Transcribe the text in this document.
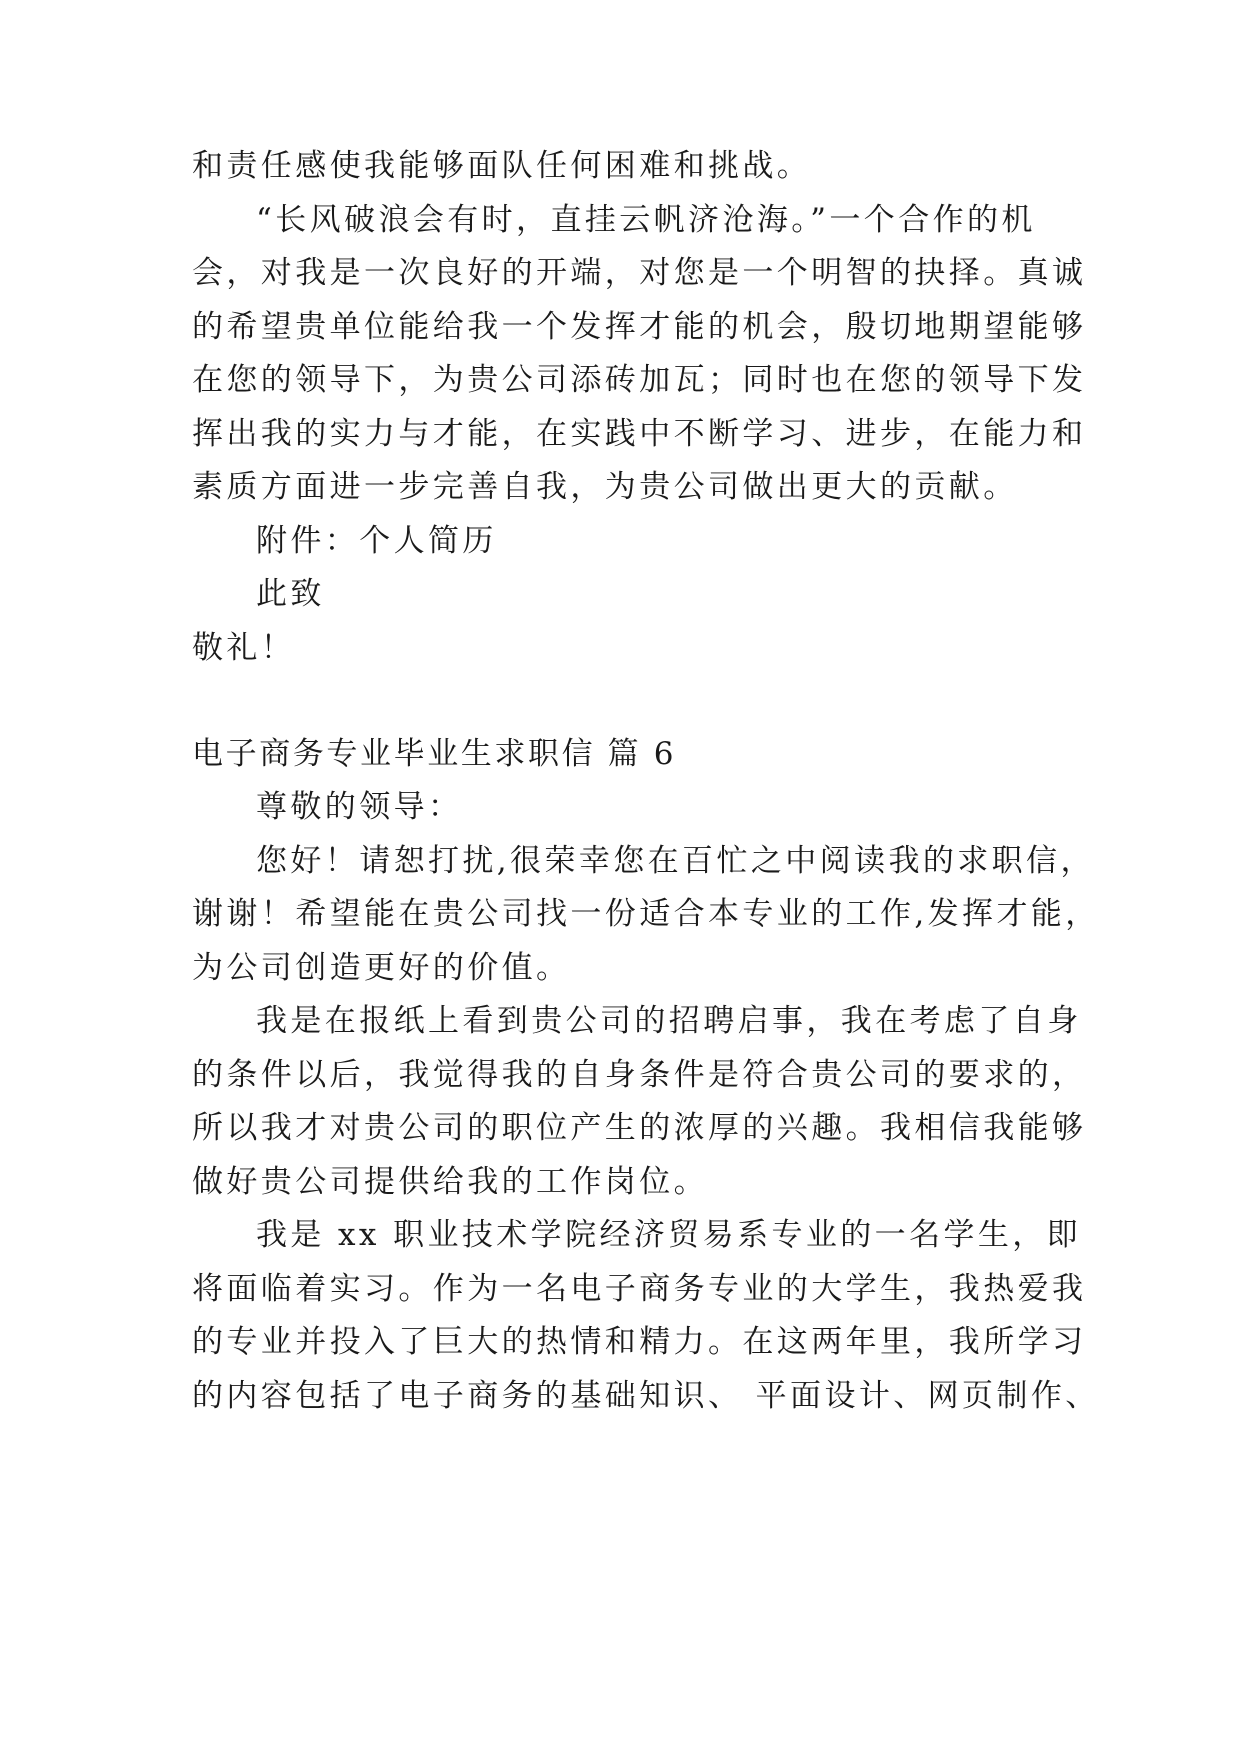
和责任感使我能够面队任何困难和挑战。
“长风破浪会有时，直挂云帆济沧海。”一个合作的机
会，对我是一次良好的开端，对您是一个明智的抉择。真诚
的希望贵单位能给我一个发挥才能的机会，殷切地期望能够
在您的领导下，为贵公司添砖加瓦；同时也在您的领导下发
挥出我的实力与才能，在实践中不断学习、进步，在能力和
素质方面进一步完善自我，为贵公司做出更大的贡献。
附件：个人简历
此致
敬礼！
电子商务专业毕业生求职信 篇 6
尊敬的领导：
您好！请恕打扰,很荣幸您在百忙之中阅读我的求职信，
谢谢！希望能在贵公司找一份适合本专业的工作,发挥才能，
为公司创造更好的价值。
我是在报纸上看到贵公司的招聘启事，我在考虑了自身
的条件以后，我觉得我的自身条件是符合贵公司的要求的，
所以我才对贵公司的职位产生的浓厚的兴趣。我相信我能够
做好贵公司提供给我的工作岗位。
我是 xx 职业技术学院经济贸易系专业的一名学生，即
将面临着实习。作为一名电子商务专业的大学生，我热爱我
的专业并投入了巨大的热情和精力。在这两年里，我所学习
的内容包括了电子商务的基础知识、 平面设计、网页制作、
